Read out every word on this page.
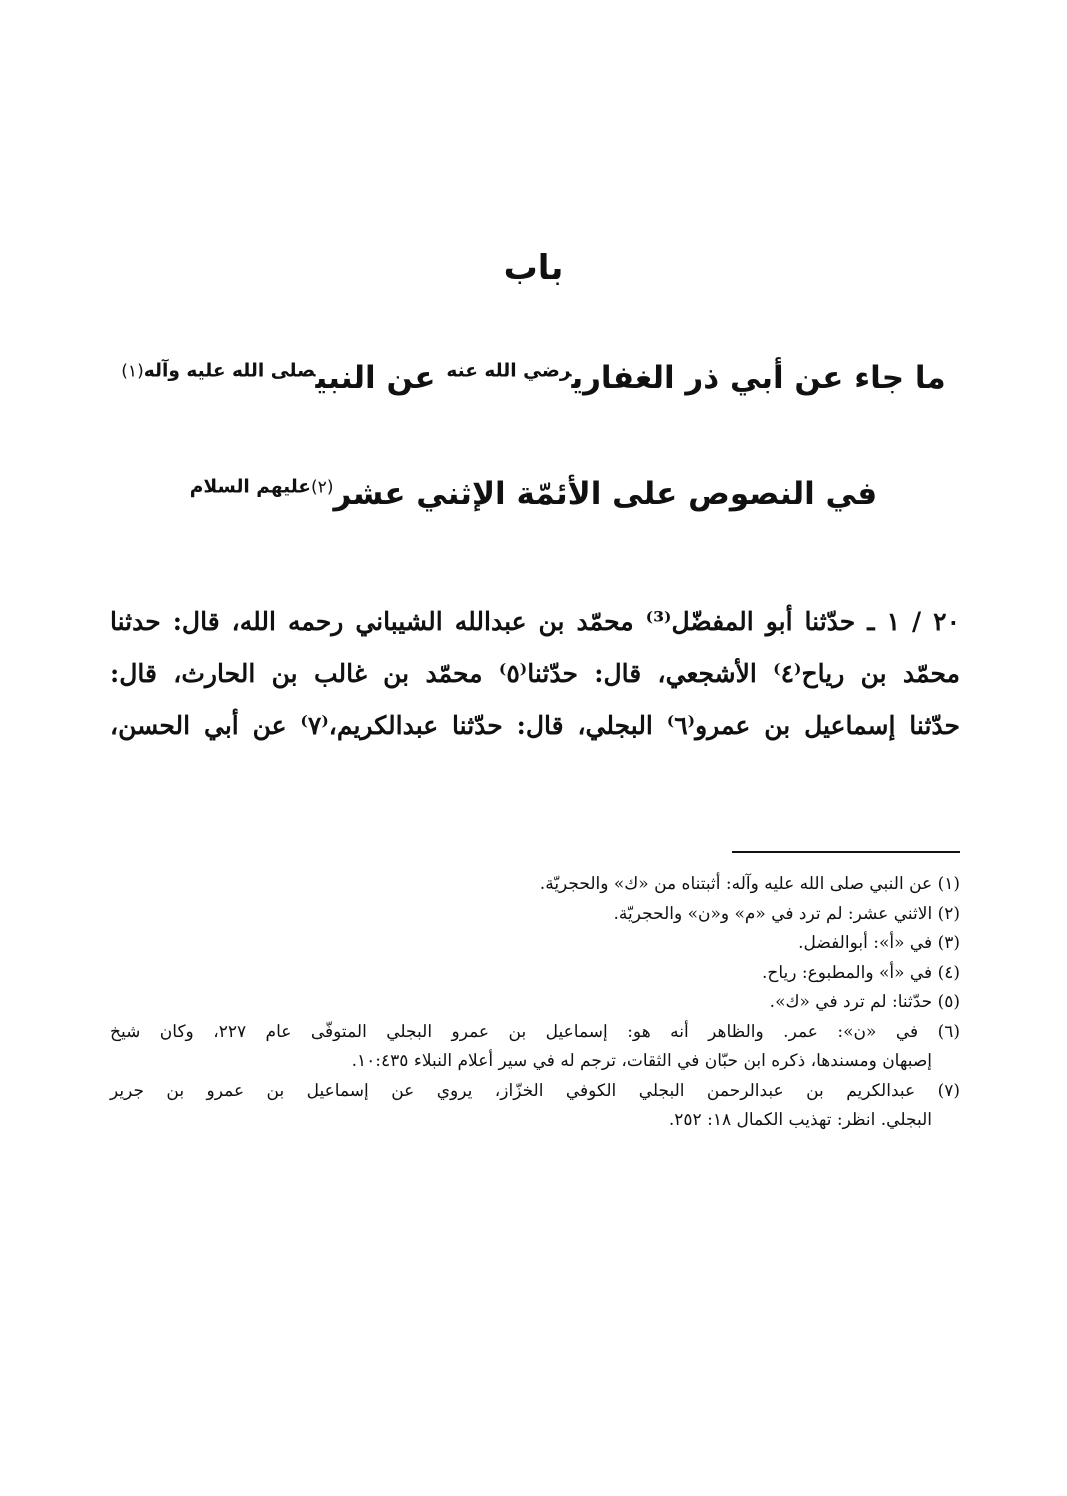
باب
ما جاء عن أبي ذر الغفاري$^{رضي الله عنه}$ عن النبي$^{صلى الله عليه وآله(١)}$
في النصوص على الأئمّة الإثني عشر$^{(٢)عليهم السلام}$
٢٠ / ١ ـ حدّثنا أبو المفضّل⁽³⁾ محمّد بن عبدالله الشيباني رحمه الله، قال: حدثنا
محمّد بن رياح⁽٤⁾ الأشجعي، قال: حدّثنا⁽٥⁾ محمّد بن غالب بن الحارث، قال:
حدّثنا إسماعيل بن عمرو⁽٦⁾ البجلي، قال: حدّثنا عبدالكريم،⁽٧⁾ عن أبي الحسن،
(١) عن النبي صلى الله عليه وآله: أثبتناه من «ك» والحجريّة.
(٢) الاثني عشر: لم ترد في «م» و«ن» والحجريّة.
(٣) في «أ»: أبوالفضل.
(٤) في «أ» والمطبوع: رياح.
(٥) حدّثنا: لم ترد في «ك».
(٦) في «ن»: عمر. والظاهر أنه هو: إسماعيل بن عمرو البجلي المتوفّى عام ٢٢٧، وكان شيخ
إصبهان ومسندها، ذكره ابن حبّان في الثقات، ترجم له في سير أعلام النبلاء ١٠:٤٣٥.
(٧) عبدالكريم بن عبدالرحمن البجلي الكوفي الخزّاز، يروي عن إسماعيل بن عمرو بن جرير
البجلي. انظر: تهذيب الكمال ١٨: ٢٥٢.
